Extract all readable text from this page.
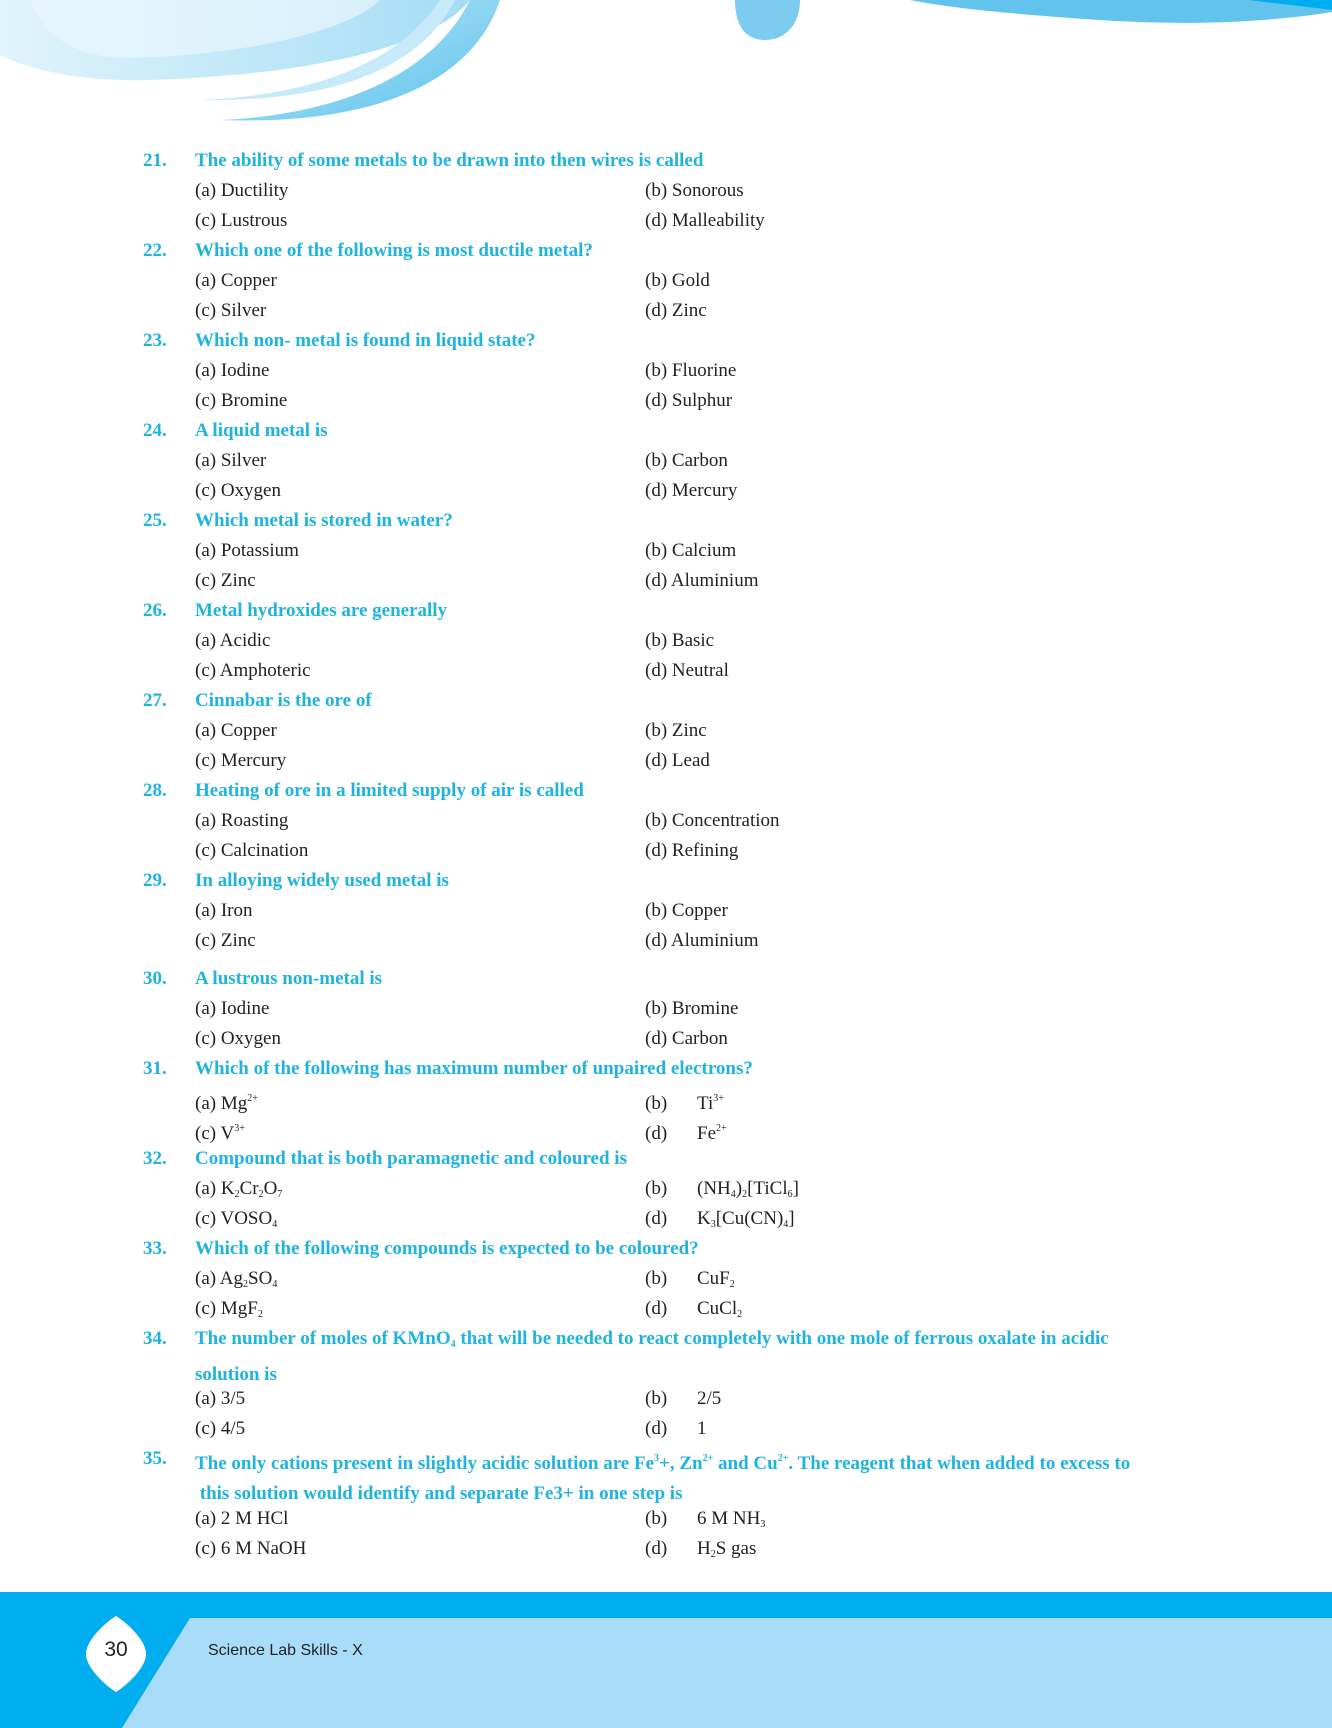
21. The ability of some metals to be drawn into then wires is called
(a) Ductility	(b) Sonorous
(c) Lustrous	(d) Malleability
22. Which one of the following is most ductile metal?
(a) Copper	(b) Gold
(c) Silver	(d) Zinc
23. Which non- metal is found in liquid state?
(a) Iodine	(b) Fluorine
(c) Bromine	(d) Sulphur
24. A liquid metal is
(a) Silver	(b) Carbon
(c) Oxygen	(d) Mercury
25. Which metal is stored in water?
(a) Potassium	(b) Calcium
(c) Zinc	(d) Aluminium
26. Metal hydroxides are generally
(a) Acidic	(b) Basic
(c) Amphoteric	(d) Neutral
27. Cinnabar is the ore of
(a) Copper	(b) Zinc
(c) Mercury	(d) Lead
28. Heating of ore in a limited supply of air is called
(a) Roasting	(b) Concentration
(c) Calcination	(d) Refining
29. In alloying widely used metal is
(a) Iron	(b) Copper
(c) Zinc	(d) Aluminium
30. A lustrous non-metal is
(a) Iodine	(b) Bromine
(c) Oxygen	(d) Carbon
31. Which of the following has maximum number of unpaired electrons?
(a) $Mg^{2+}$	(b) $Ti^{3+}$
(c) $V^{3+}$	(d) $Fe^{2+}$
32. Compound that is both paramagnetic and coloured is
(a) $K_2Cr_2O_7$	(b) $(NH_4)_2[TiCl_6]$
(c) $VOSO_4$	(d) $K_3[Cu(CN)_4]$
33. Which of the following compounds is expected to be coloured?
(a) $Ag_2SO_4$	(b) CuF$_2$
(c) MgF$_2$	(d) CuCl$_2$
34. The number of moles of KMnO$_4$ that will be needed to react completely with one mole of ferrous oxalate in acidic
solution is
(a) 3/5	(b) 2/5
(c) 4/5	(d) 1
35. The only cations present in slightly acidic solution are $Fe^3+$, $Zn^{2+}$ and $Cu^{2+}$. The reagent that when added to excess to
this solution would identify and separate Fe3+ in one step is
(a) 2 M HCl	(b) 6 M $NH_3$
(c) 6 M NaOH	(d) $H_2S$ gas
30	Science Lab Skills - X
